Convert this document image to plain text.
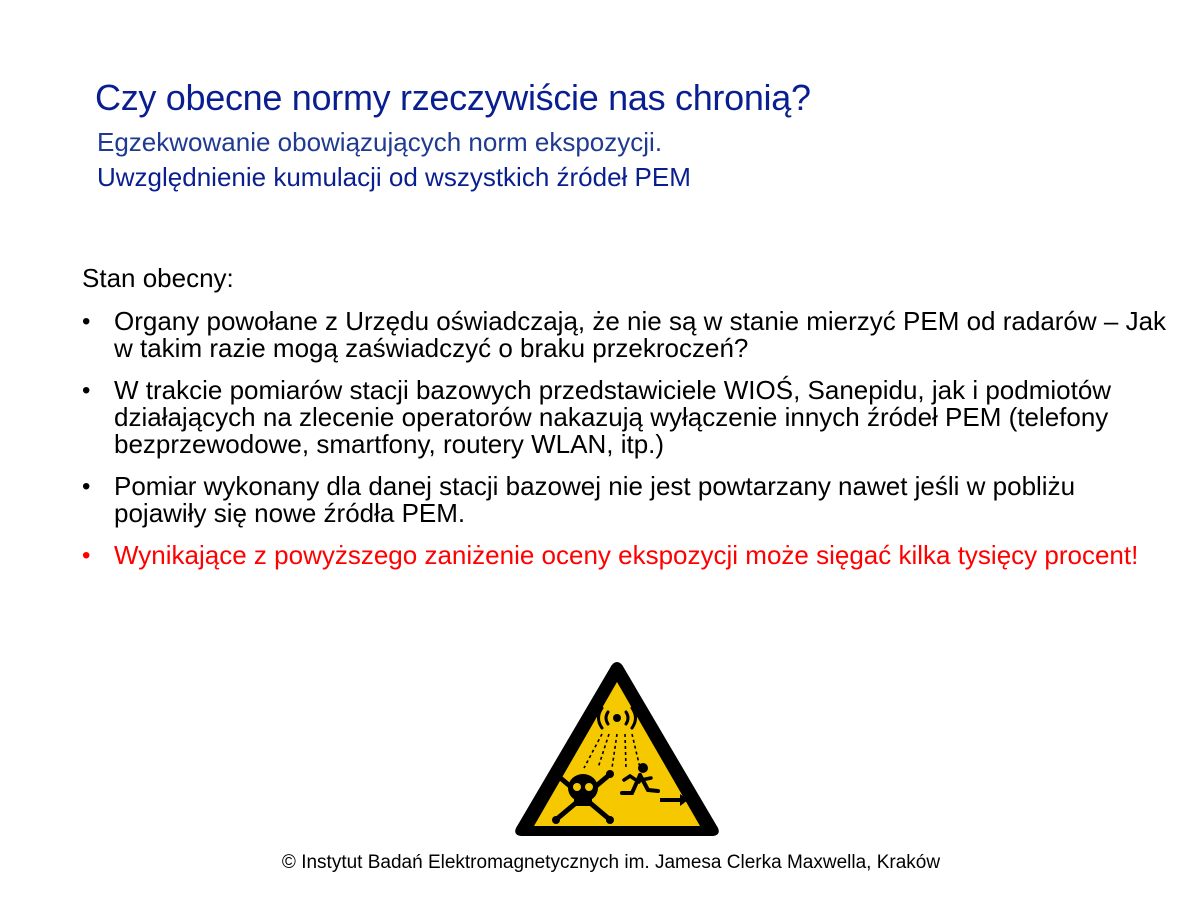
Czy obecne normy rzeczywiście nas chronią?
Egzekwowanie obowiązujących norm ekspozycji.
Uwzględnienie kumulacji od wszystkich źródeł PEM
Stan obecny:
• Organy powołane z Urzędu oświadczają, że nie są w stanie mierzyć PEM od radarów – Jak w takim razie mogą zaświadczyć o braku przekroczeń?
• W trakcie pomiarów stacji bazowych przedstawiciele WIOŚ, Sanepidu, jak i podmiotów działających na zlecenie operatorów nakazują wyłączenie innych źródeł PEM (telefony bezprzewodowe, smartfony, routery WLAN, itp.)
• Pomiar wykonany dla danej stacji bazowej nie jest powtarzany nawet jeśli w pobliżu pojawiły się nowe źródła PEM.
• Wynikające z powyższego zaniżenie oceny ekspozycji może sięgać kilka tysięcy procent!
© Instytut Badań Elektromagnetycznych im. Jamesa Clerka Maxwella, Kraków
